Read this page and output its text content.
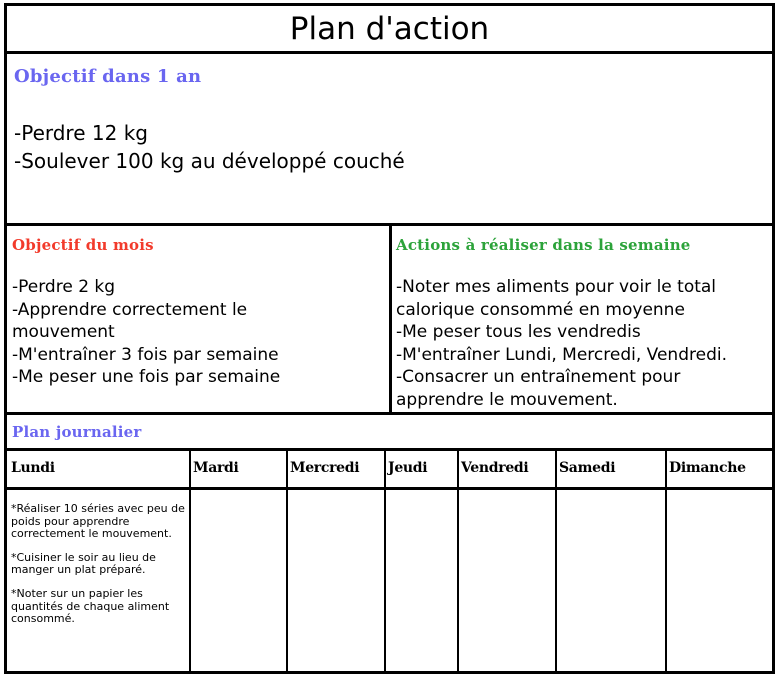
Plan d'action
Objectif dans 1 an
-Perdre 12 kg
-Soulever 100 kg au développé couché
Objectif du mois
-Perdre 2 kg
-Apprendre correctement le
mouvement
-M'entraîner 3 fois par semaine
-Me peser une fois par semaine
Actions à réaliser dans la semaine
-Noter mes aliments pour voir le total
calorique consommé en moyenne
-Me peser tous les vendredis
-M'entraîner Lundi, Mercredi, Vendredi.
-Consacrer un entraînement pour
apprendre le mouvement.
Plan journalier
Lundi	Mardi	Mercredi Jeudi Vendredi Samedi	Dimanche

*Réaliser 10 séries avec peu de poids pour apprendre correctement le mouvement.

*Cuisiner le soir au lieu de manger un plat préparé.

*Noter sur un papier les quantités de chaque aliment consommé.
